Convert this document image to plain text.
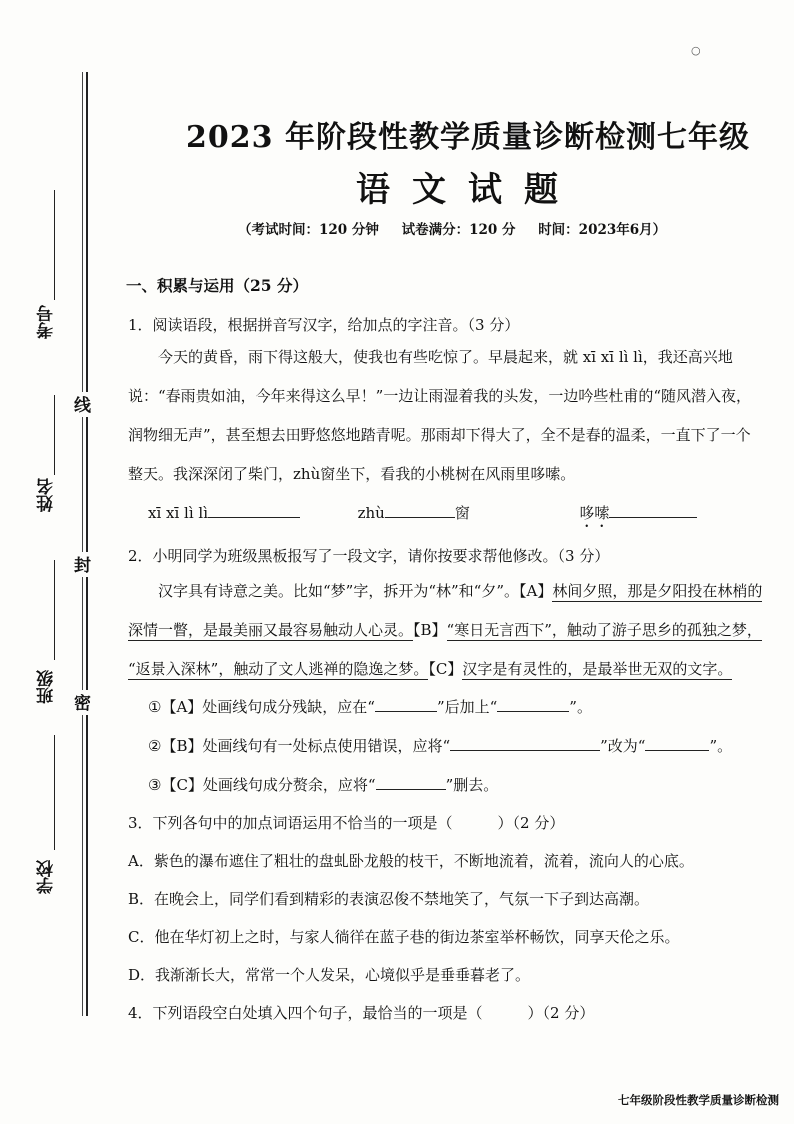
线
封
密
考号
姓名
班级
学校
○
2023 年阶段性教学质量诊断检测七年级
语文试题
（考试时间：120 分钟 试卷满分：120 分 时间：2023年6月）
一、积累与运用（25 分）
1．阅读语段，根据拼音写汉字，给加点的字注音。（3 分）
今天的黄昏，雨下得这般大，使我也有些吃惊了。早晨起来，就 xī xī lì lì，我还高兴地
说：“春雨贵如油，今年来得这么早！”一边让雨湿着我的头发，一边吟些杜甫的“随风潜入夜，
润物细无声”，甚至想去田野悠悠地踏青呢。那雨却下得大了，全不是春的温柔，一直下了一个
整天。我深深闭了柴门，zhù窗坐下，看我的小桃树在风雨里哆嗦。
xī xī lì lì	zhù	窗	哆嗦
2．小明同学为班级黑板报写了一段文字，请你按要求帮他修改。（3 分）
汉字具有诗意之美。比如“梦”字，拆开为“林”和“夕”。【A】林间夕照，那是夕阳投在林梢的
深情一瞥，是最美丽又最容易触动人心灵。【B】“寒日无言西下”，触动了游子思乡的孤独之梦，
“返景入深林”，触动了文人逃禅的隐逸之梦。【C】汉字是有灵性的，是最举世无双的文字。
①【A】处画线句成分残缺，应在“	”后加上“	”。
②【B】处画线句有一处标点使用错误，应将“	”改为“	”。
③【C】处画线句成分赘余，应将“	”删去。
3．下列各句中的加点词语运用不恰当的一项是（　　　）（2 分）
A．紫色的瀑布遮住了粗壮的盘虬卧龙般的枝干，不断地流着，流着，流向人的心底。
B．在晚会上，同学们看到精彩的表演忍俊不禁地笑了，气氛一下子到达高潮。
C．他在华灯初上之时，与家人徜徉在蓝子巷的街边茶室举杯畅饮，同享天伦之乐。
D．我渐渐长大，常常一个人发呆，心境似乎是垂垂暮老了。
4．下列语段空白处填入四个句子，最恰当的一项是（　　　）（2 分）
七年级阶段性教学质量诊断检测
